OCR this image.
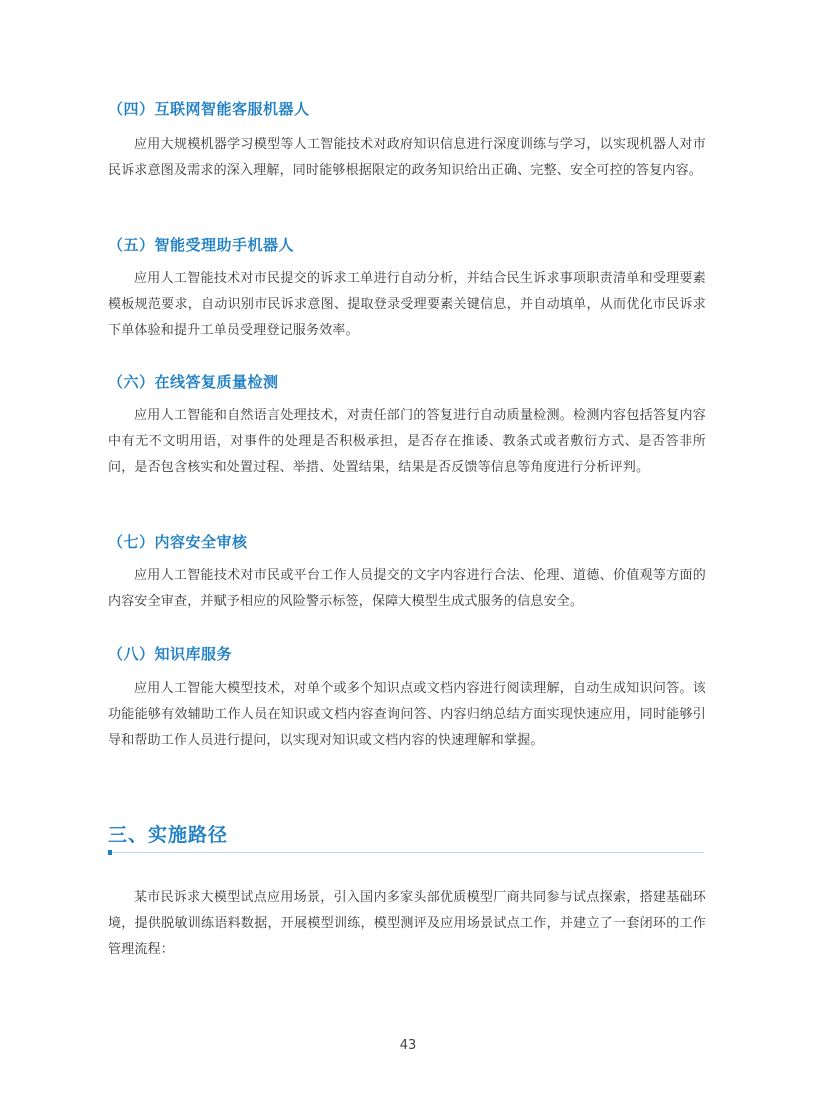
（四）互联网智能客服机器人

应用大规模机器学习模型等人工智能技术对政府知识信息进行深度训练与学习，以实现机器人对市民诉求意图及需求的深入理解，同时能够根据限定的政务知识给出正确、完整、安全可控的答复内容。

（五）智能受理助手机器人

应用人工智能技术对市民提交的诉求工单进行自动分析，并结合民生诉求事项职责清单和受理要素模板规范要求，自动识别市民诉求意图、提取登录受理要素关键信息，并自动填单，从而优化市民诉求下单体验和提升工单员受理登记服务效率。

（六）在线答复质量检测

应用人工智能和自然语言处理技术，对责任部门的答复进行自动质量检测。检测内容包括答复内容中有无不文明用语，对事件的处理是否积极承担，是否存在推诿、教条式或者敷衍方式、是否答非所问，是否包含核实和处置过程、举措、处置结果，结果是否反馈等信息等角度进行分析评判。

（七）内容安全审核

应用人工智能技术对市民或平台工作人员提交的文字内容进行合法、伦理、道德、价值观等方面的内容安全审查，并赋予相应的风险警示标签，保障大模型生成式服务的信息安全。

（八）知识库服务

应用人工智能大模型技术，对单个或多个知识点或文档内容进行阅读理解，自动生成知识问答。该功能能够有效辅助工作人员在知识或文档内容查询问答、内容归纳总结方面实现快速应用，同时能够引导和帮助工作人员进行提问，以实现对知识或文档内容的快速理解和掌握。

三、实施路径

某市民诉求大模型试点应用场景，引入国内多家头部优质模型厂商共同参与试点探索，搭建基础环境，提供脱敏训练语料数据，开展模型训练，模型测评及应用场景试点工作，并建立了一套闭环的工作管理流程：

43
